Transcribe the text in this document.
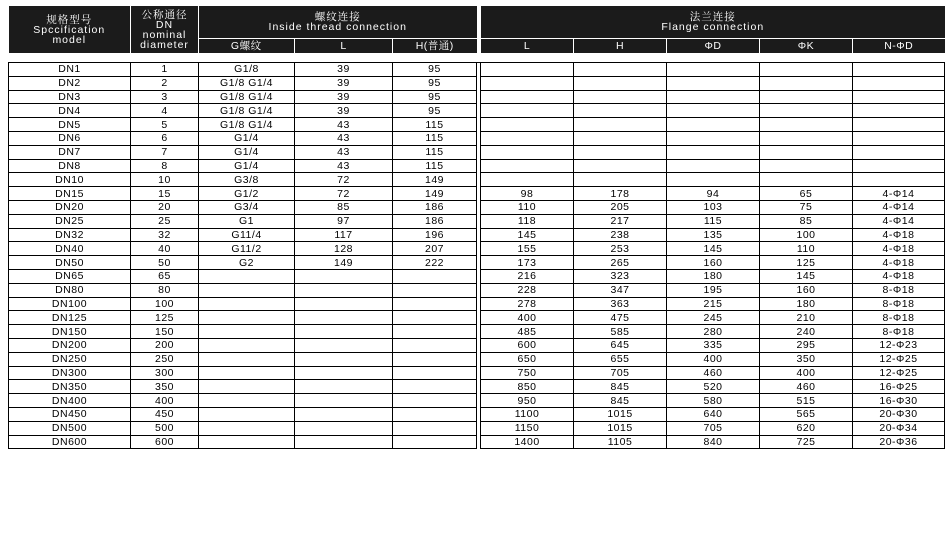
规格型号
Spccification
model	公称通径
DN
nominal
diameter	螺纹连接
Inside thread connection				法兰连接
Flange connection				

		G螺纹	L	H(普通)		L	H	ΦD	ΦK	N-ΦD

DN1	1	G1/8	39	95						
DN2	2	G1/8 G1/4	39	95						
DN3	3	G1/8 G1/4	39	95						
DN4	4	G1/8 G1/4	39	95						
DN5	5	G1/8 G1/4	43	115						
DN6	6	G1/4	43	115						
DN7	7	G1/4	43	115						
DN8	8	G1/4	43	115						
DN10	10	G3/8	72	149						
DN15	15	G1/2	72	149		98	178	94	65	4-Φ14
DN20	20	G3/4	85	186		110	205	103	75	4-Φ14
DN25	25	G1	97	186		118	217	115	85	4-Φ14
DN32	32	G11/4	117	196		145	238	135	100	4-Φ18
DN40	40	G11/2	128	207		155	253	145	110	4-Φ18
DN50	50	G2	149	222		173	265	160	125	4-Φ18
DN65	65					216	323	180	145	4-Φ18
DN80	80					228	347	195	160	8-Φ18
DN100	100					278	363	215	180	8-Φ18
DN125	125					400	475	245	210	8-Φ18
DN150	150					485	585	280	240	8-Φ18
DN200	200					600	645	335	295	12-Φ23
DN250	250					650	655	400	350	12-Φ25
DN300	300					750	705	460	400	12-Φ25
DN350	350					850	845	520	460	16-Φ25
DN400	400					950	845	580	515	16-Φ30
DN450	450					1100	1015	640	565	20-Φ30
DN500	500					1150	1015	705	620	20-Φ34
DN600	600					1400	1105	840	725	20-Φ36
